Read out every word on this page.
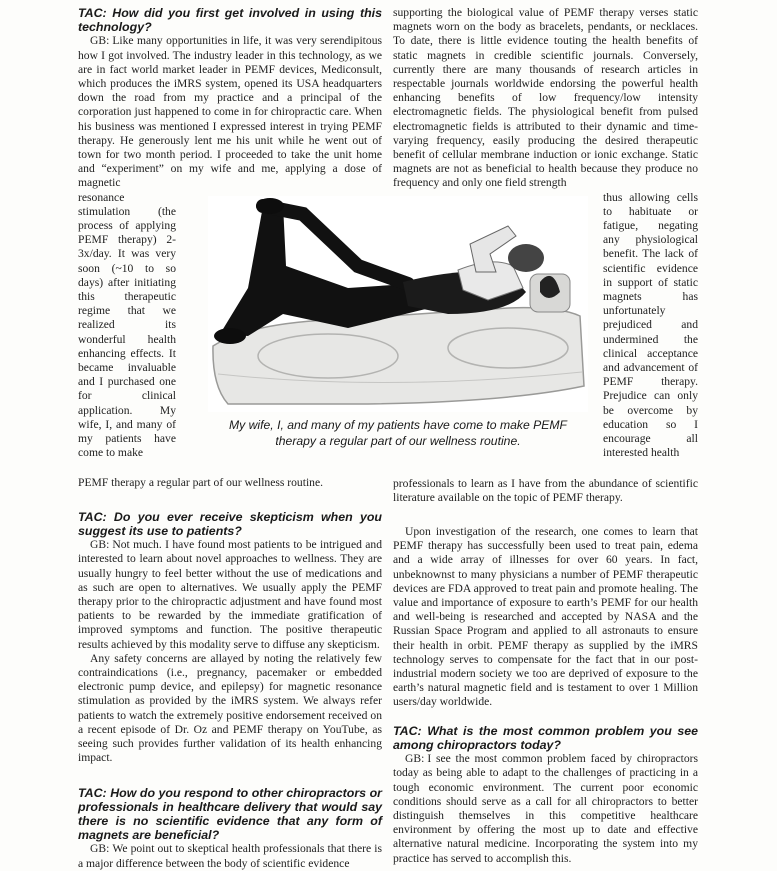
TAC: How did you first get involved in using this technology?

GB: Like many opportunities in life, it was very serendipitous how I got involved. The industry leader in this technology, as we are in fact world market leader in PEMF devices, Mediconsult, which produces the iMRS system, opened its USA headquarters down the road from my practice and a principal of the corporation just happened to come in for chiropractic care. When his business was mentioned I expressed interest in trying PEMF therapy. He generously lent me his unit while he went out of town for two month period. I proceeded to take the unit home and “experiment” on my wife and me, applying a dose of magnetic

resonance stimulation (the process of applying PEMF therapy) 2-3x/day. It was very soon (~10 to so days) after initiating this therapeutic regime that we realized its wonderful health enhancing effects. It became invaluable and I purchased one for clinical application. My wife, I, and many of my patients have come to make

PEMF therapy a regular part of our wellness routine.

TAC: Do you ever receive skepticism when you suggest its use to patients?

GB: Not much. I have found most patients to be intrigued and interested to learn about novel approaches to wellness. They are usually hungry to feel better without the use of medications and as such are open to alternatives. We usually apply the PEMF therapy prior to the chiropractic adjustment and have found most patients to be rewarded by the immediate gratification of improved symptoms and function. The positive therapeutic results achieved by this modality serve to diffuse any skepticism.

Any safety concerns are allayed by noting the relatively few contraindications (i.e., pregnancy, pacemaker or embedded electronic pump device, and epilepsy) for magnetic resonance stimulation as provided by the iMRS system. We always refer patients to watch the extremely positive endorsement received on a recent episode of Dr. Oz and PEMF therapy on YouTube, as seeing such provides further validation of its health enhancing impact.

TAC: How do you respond to other chiropractors or professionals in healthcare delivery that would say there is no scientific evidence that any form of magnets are beneficial?

GB: We point out to skeptical health professionals that there is a major difference between the body of scientific evidence

supporting the biological value of PEMF therapy verses static magnets worn on the body as bracelets, pendants, or necklaces. To date, there is little evidence touting the health benefits of static magnets in credible scientific journals. Conversely, currently there are many thousands of research articles in respectable journals worldwide endorsing the powerful health enhancing benefits of low frequency/low intensity electromagnetic fields. The physiological benefit from pulsed electromagnetic fields is attributed to their dynamic and time-varying frequency, easily producing the desired therapeutic benefit of cellular membrane induction or ionic exchange. Static magnets are not as beneficial to health because they produce no frequency and only one field strength

thus allowing cells to habituate or fatigue, negating any physiological benefit. The lack of scientific evidence in support of static magnets has unfortunately prejudiced and undermined the clinical acceptance and advancement of PEMF therapy. Prejudice can only be overcome by education so I encourage all interested health

professionals to learn as I have from the abundance of scientific literature available on the topic of PEMF therapy.

Upon investigation of the research, one comes to learn that PEMF therapy has successfully been used to treat pain, edema and a wide array of illnesses for over 60 years. In fact, unbeknownst to many physicians a number of PEMF therapeutic devices are FDA approved to treat pain and promote healing. The value and importance of exposure to earth’s PEMF for our health and well-being is researched and accepted by NASA and the Russian Space Program and applied to all astronauts to ensure their health in orbit. PEMF therapy as supplied by the iMRS technology serves to compensate for the fact that in our post-industrial modern society we too are deprived of exposure to the earth’s natural magnetic field and is testament to over 1 Million users/day worldwide.

TAC: What is the most common problem you see among chiropractors today?

GB: I see the most common problem faced by chiropractors today as being able to adapt to the challenges of practicing in a tough economic environment. The current poor economic conditions should serve as a call for all chiropractors to better distinguish themselves in this competitive healthcare environment by offering the most up to date and effective alternative natural medicine. Incorporating the system into my practice has served to accomplish this.

My wife, I, and many of my patients have come to make PEMF therapy a regular part of our wellness routine.
